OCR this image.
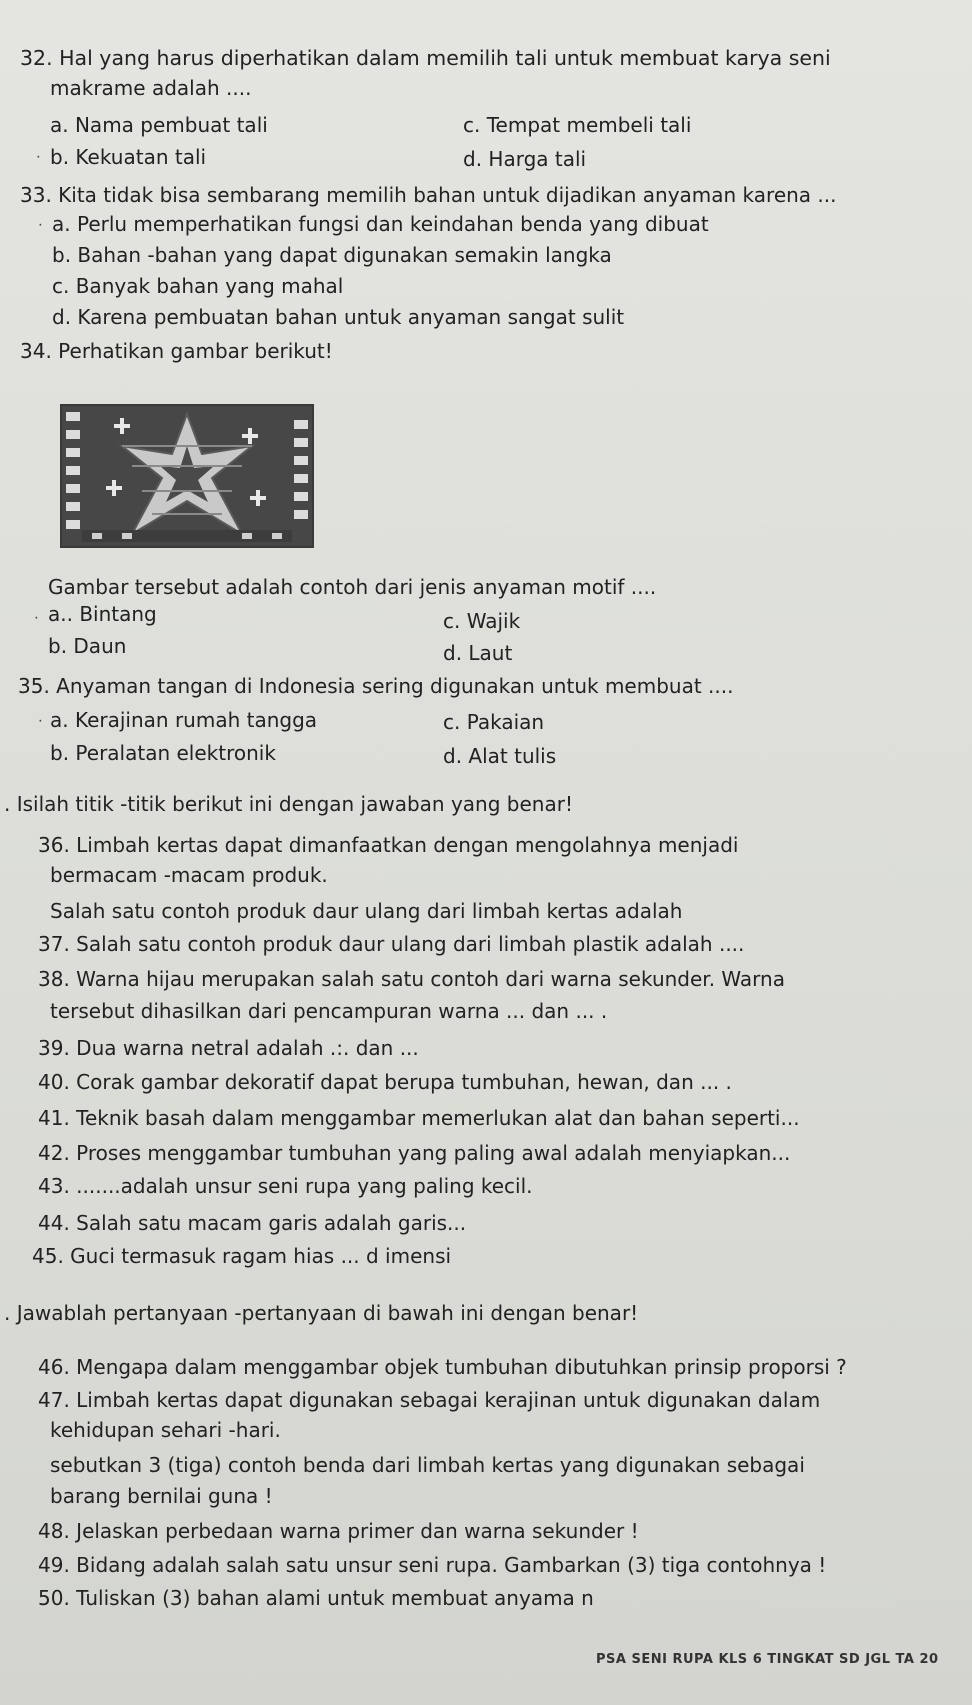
32. Hal yang harus diperhatikan dalam memilih tali untuk membuat karya seni
makrame adalah ....
a. Nama pembuat tali	c. Tempat membeli tali
ᐧ b. Kekuatan tali	d. Harga tali
33. Kita tidak bisa sembarang memilih bahan untuk dijadikan anyaman karena ...
ᐧ a. Perlu memperhatikan fungsi dan keindahan benda yang dibuat
b. Bahan -bahan yang dapat digunakan semakin langka
c. Banyak bahan yang mahal
d. Karena pembuatan bahan untuk anyaman sangat sulit
34. Perhatikan gambar berikut!
Gambar tersebut adalah contoh dari jenis anyaman motif ....
ᐧ a.. Bintang	c. Wajik
b. Daun	d. Laut
35. Anyaman tangan di Indonesia sering digunakan untuk membuat ....
ᐧ a. Kerajinan rumah tangga	c. Pakaian
b. Peralatan elektronik	d. Alat tulis
. Isilah titik -titik berikut ini dengan jawaban yang benar!
36. Limbah kertas dapat dimanfaatkan dengan mengolahnya menjadi
bermacam -macam produk.
Salah satu contoh produk daur ulang dari limbah kertas adalah
37. Salah satu contoh produk daur ulang dari limbah plastik adalah ....
38. Warna hijau merupakan salah satu contoh dari warna sekunder. Warna
tersebut dihasilkan dari pencampuran warna ... dan ... .
39. Dua warna netral adalah .:. dan ...
40. Corak gambar dekoratif dapat berupa tumbuhan, hewan, dan ... .
41. Teknik basah dalam menggambar memerlukan alat dan bahan seperti...
42. Proses menggambar tumbuhan yang paling awal adalah menyiapkan...
43. .......adalah unsur seni rupa yang paling kecil.
44. Salah satu macam garis adalah garis...
45. Guci termasuk ragam hias ... d imensi
. Jawablah pertanyaan -pertanyaan di bawah ini dengan benar!
46. Mengapa dalam menggambar objek tumbuhan dibutuhkan prinsip proporsi ?
47. Limbah kertas dapat digunakan sebagai kerajinan untuk digunakan dalam
kehidupan sehari -hari.
sebutkan 3 (tiga) contoh benda dari limbah kertas yang digunakan sebagai
barang bernilai guna !
48. Jelaskan perbedaan warna primer dan warna sekunder !
49. Bidang adalah salah satu unsur seni rupa. Gambarkan (3) tiga contohnya !
50. Tuliskan (3) bahan alami untuk membuat anyama n
PSA SENI RUPA KLS 6 TINGKAT SD JGL TA 20
